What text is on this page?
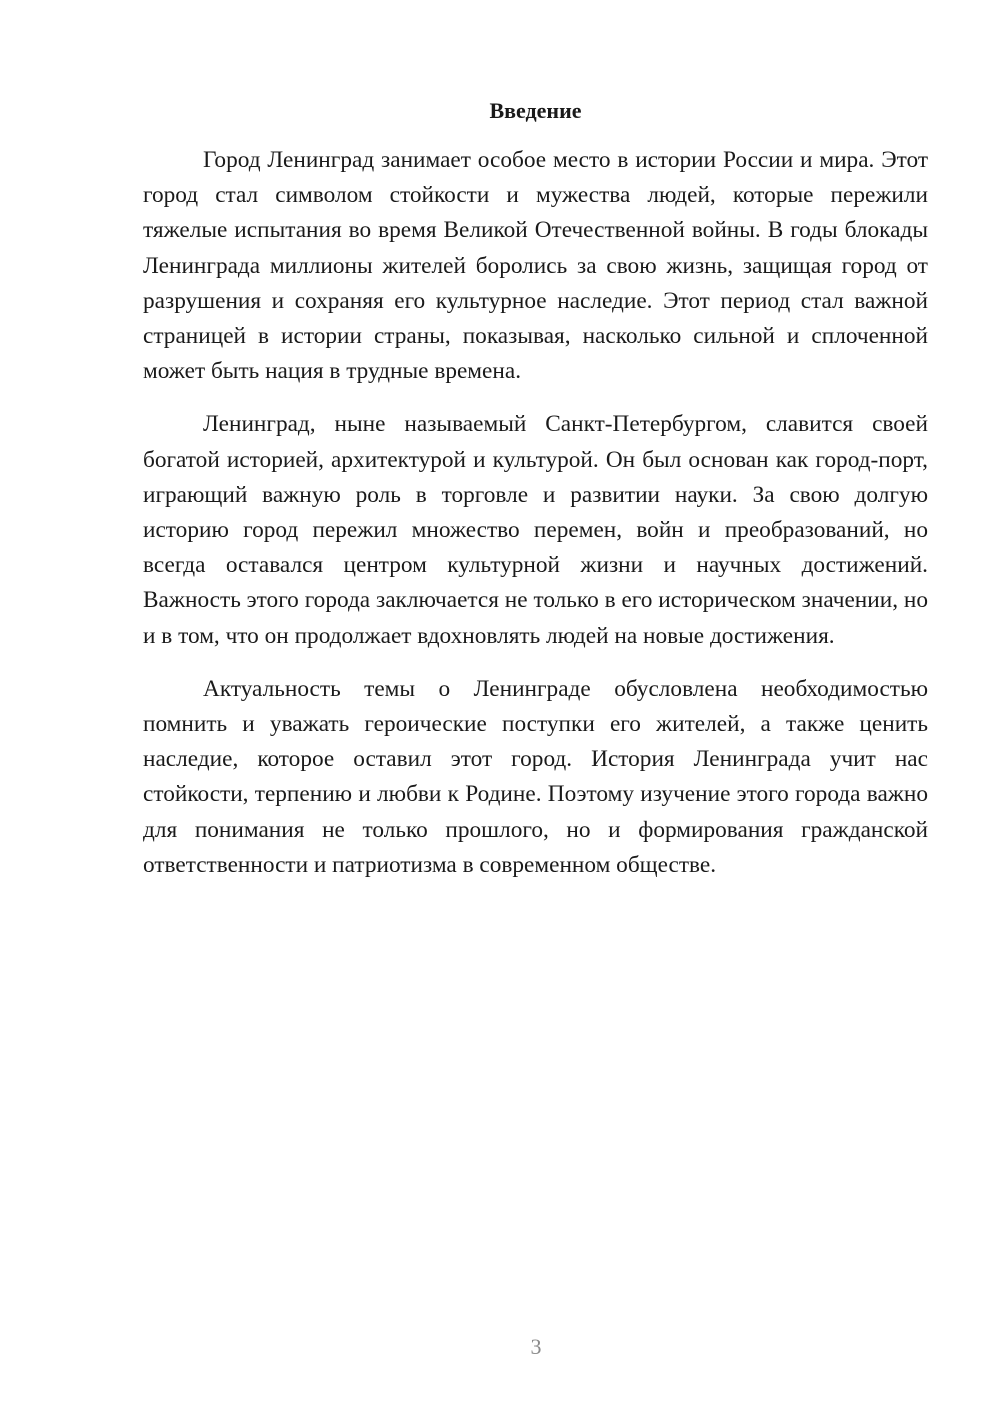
Введение

Город Ленинград занимает особое место в истории России и мира. Этот город стал символом стойкости и мужества людей, которые пережили тяжелые испытания во время Великой Отечественной войны. В годы блокады Ленинграда миллионы жителей боролись за свою жизнь, защищая город от разрушения и сохраняя его культурное наследие. Этот период стал важной страницей в истории страны, показывая, насколько сильной и сплоченной может быть нация в трудные времена.

Ленинград, ныне называемый Санкт-Петербургом, славится своей богатой историей, архитектурой и культурой. Он был основан как город-порт, играющий важную роль в торговле и развитии науки. За свою долгую историю город пережил множество перемен, войн и преобразований, но всегда оставался центром культурной жизни и научных достижений. Важность этого города заключается не только в его историческом значении, но и в том, что он продолжает вдохновлять людей на новые достижения.

Актуальность темы о Ленинграде обусловлена необходимостью помнить и уважать героические поступки его жителей, а также ценить наследие, которое оставил этот город. История Ленинграда учит нас стойкости, терпению и любви к Родине. Поэтому изучение этого города важно для понимания не только прошлого, но и формирования гражданской ответственности и патриотизма в современном обществе.

3
